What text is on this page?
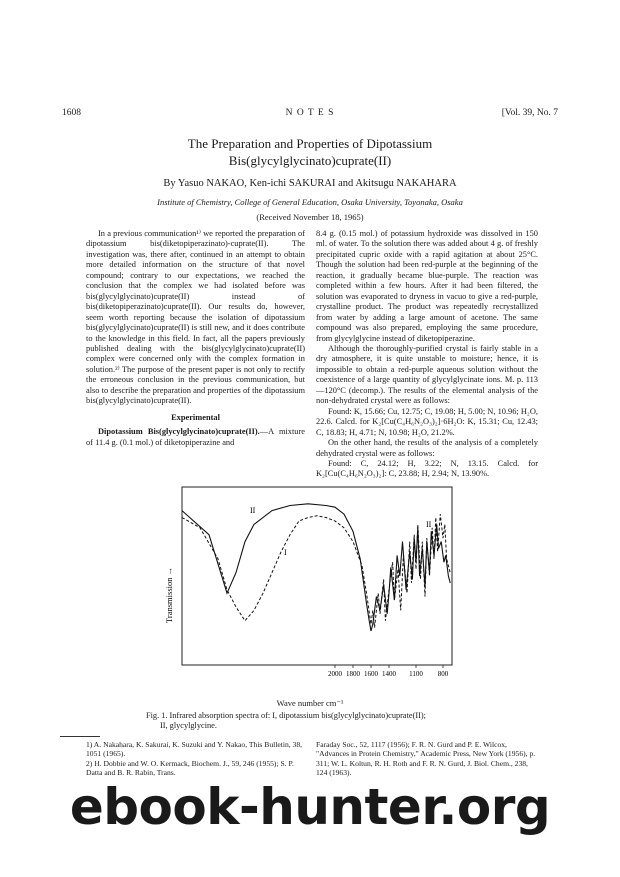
1608	N O T E S	[Vol. 39, No. 7
The Preparation and Properties of Dipotassium
Bis(glycylglycinato)cuprate(II)
By Yasuo NAKAO, Ken-ichi SAKURAI and Akitsugu NAKAHARA
Institute of Chemistry, College of General Education, Osaka University, Toyonaka, Osaka
(Received November 18, 1965)

In a previous communication¹⁾ we reported the preparation of dipotassium bis(diketopiperazinato)-cuprate(II). The investigation was, there after, continued in an attempt to obtain more detailed information on the structure of that novel compound; contrary to our expectations, we reached the conclusion that the complex we had isolated before was bis(glycylglycinato)cuprate(II) instead of bis(diketopiperazinato)cuprate(II). Our results do, however, seem worth reporting because the isolation of dipotassium bis(glycylglycinato)cuprate(II) is still new, and it does contribute to the knowledge in this field. In fact, all the papers previously published dealing with the bis(glycylglycinato)cuprate(II) complex were concerned only with the complex formation in solution.²⁾ The purpose of the present paper is not only to rectify the erroneous conclusion in the previous communication, but also to describe the preparation and properties of the dipotassium bis(glycylglycinato)cuprate(II).

Experimental

Dipotassium Bis(glycylglycinato)cuprate(II).—A mixture of 11.4 g. (0.1 mol.) of diketopiperazine and

8.4 g. (0.15 mol.) of potassium hydroxide was dissolved in 150 ml. of water. To the solution there was added about 4 g. of freshly precipitated cupric oxide with a rapid agitation at about 25°C. Though the solution had been red-purple at the beginning of the reaction, it gradually became blue-purple. The reaction was completed within a few hours. After it had been filtered, the solution was evaporated to dryness in vacuo to give a red-purple, crystalline product. The product was repeatedly recrystallized from water by adding a large amount of acetone. The same compound was also prepared, employing the same procedure, from glycylglycine instead of diketopiperazine.

Although the thoroughly-purified crystal is fairly stable in a dry atmosphere, it is quite unstable to moisture; hence, it is impossible to obtain a red-purple aqueous solution without the coexistence of a large quantity of glycylglycinate ions. M. p. 113—120°C (decomp.). The results of the elemental analysis of the non-dehydrated crystal were as follows:

Found: K, 15.66; Cu, 12.75; C, 19.08; H, 5.00; N, 10.96; H₂O, 22.6. Calcd. for K₂[Cu(C₄H₆N₂O₃)₂]·6H₂O: K, 15.31; Cu, 12.43; C, 18.83; H, 4.71; N, 10.98; H₂O, 21.2%.

On the other hand, the results of the analysis of a completely dehydrated crystal were as follows:

Found: C, 24.12; H, 3.22; N, 13.15. Calcd. for K₂[Cu(C₄H₆N₂O₃)₂]: C, 23.88; H, 2.94; N, 13.90%.

2000 1800 1600 1400 1100 800
I
II
II
Transmission →
Wave number cm⁻¹
Fig. 1. Infrared absorption spectra of: I, dipotassium bis(glycylglycinato)cuprate(II);
II, glycylglycine.
1) A. Nakahara, K. Sakurai, K. Suzuki and Y. Nakao, This Bulletin, 38, 1051 (1965).
2) H. Dobbie and W. O. Kermack, Biochem. J., 59, 246 (1955); S. P. Datta and B. R. Rabin, Trans.
Faraday Soc., 52, 1117 (1956); F. R. N. Gurd and P. E. Wilcox, "Advances in Protein Chemistry," Academic Press, New York (1956), p. 311; W. L. Koltun, R. H. Roth and F. R. N. Gurd, J. Biol. Chem., 238, 124 (1963).
ebook-hunter.org
